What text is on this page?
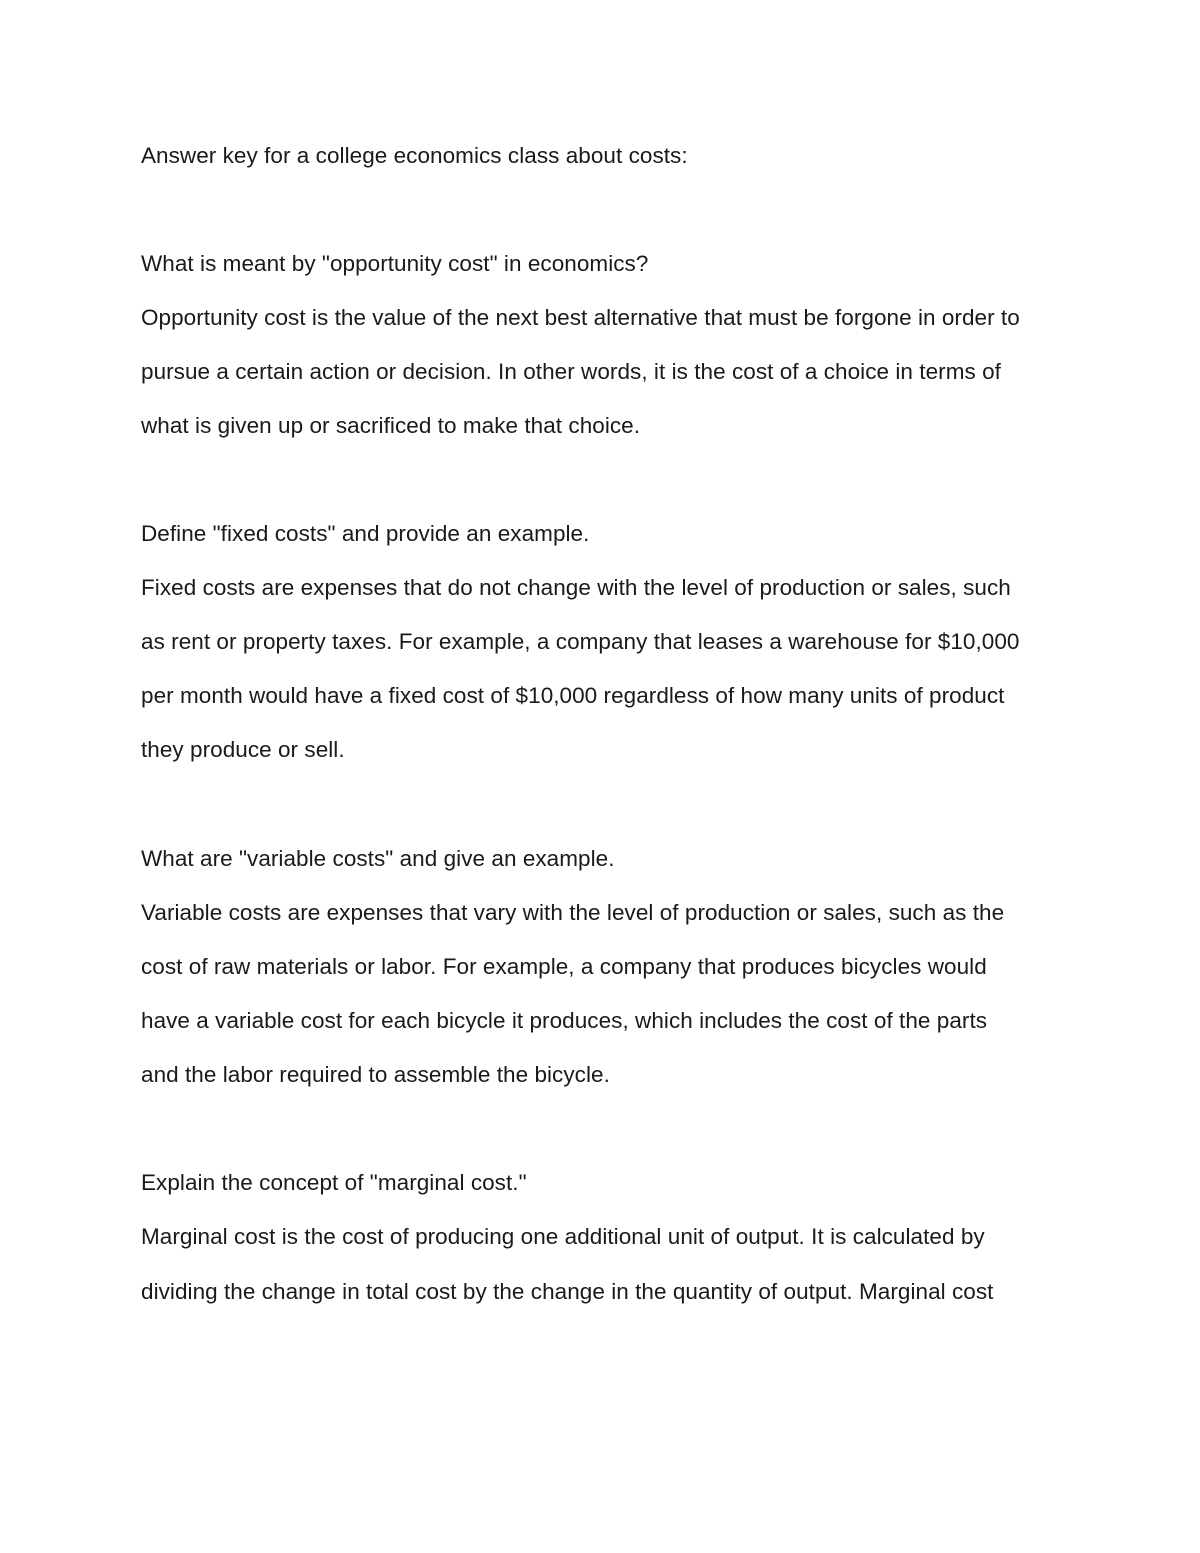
Answer key for a college economics class about costs:
What is meant by "opportunity cost" in economics?
Opportunity cost is the value of the next best alternative that must be forgone in order to
pursue a certain action or decision. In other words, it is the cost of a choice in terms of
what is given up or sacrificed to make that choice.
Define "fixed costs" and provide an example.
Fixed costs are expenses that do not change with the level of production or sales, such
as rent or property taxes. For example, a company that leases a warehouse for $10,000
per month would have a fixed cost of $10,000 regardless of how many units of product
they produce or sell.
What are "variable costs" and give an example.
Variable costs are expenses that vary with the level of production or sales, such as the
cost of raw materials or labor. For example, a company that produces bicycles would
have a variable cost for each bicycle it produces, which includes the cost of the parts
and the labor required to assemble the bicycle.
Explain the concept of "marginal cost."
Marginal cost is the cost of producing one additional unit of output. It is calculated by
dividing the change in total cost by the change in the quantity of output. Marginal cost
